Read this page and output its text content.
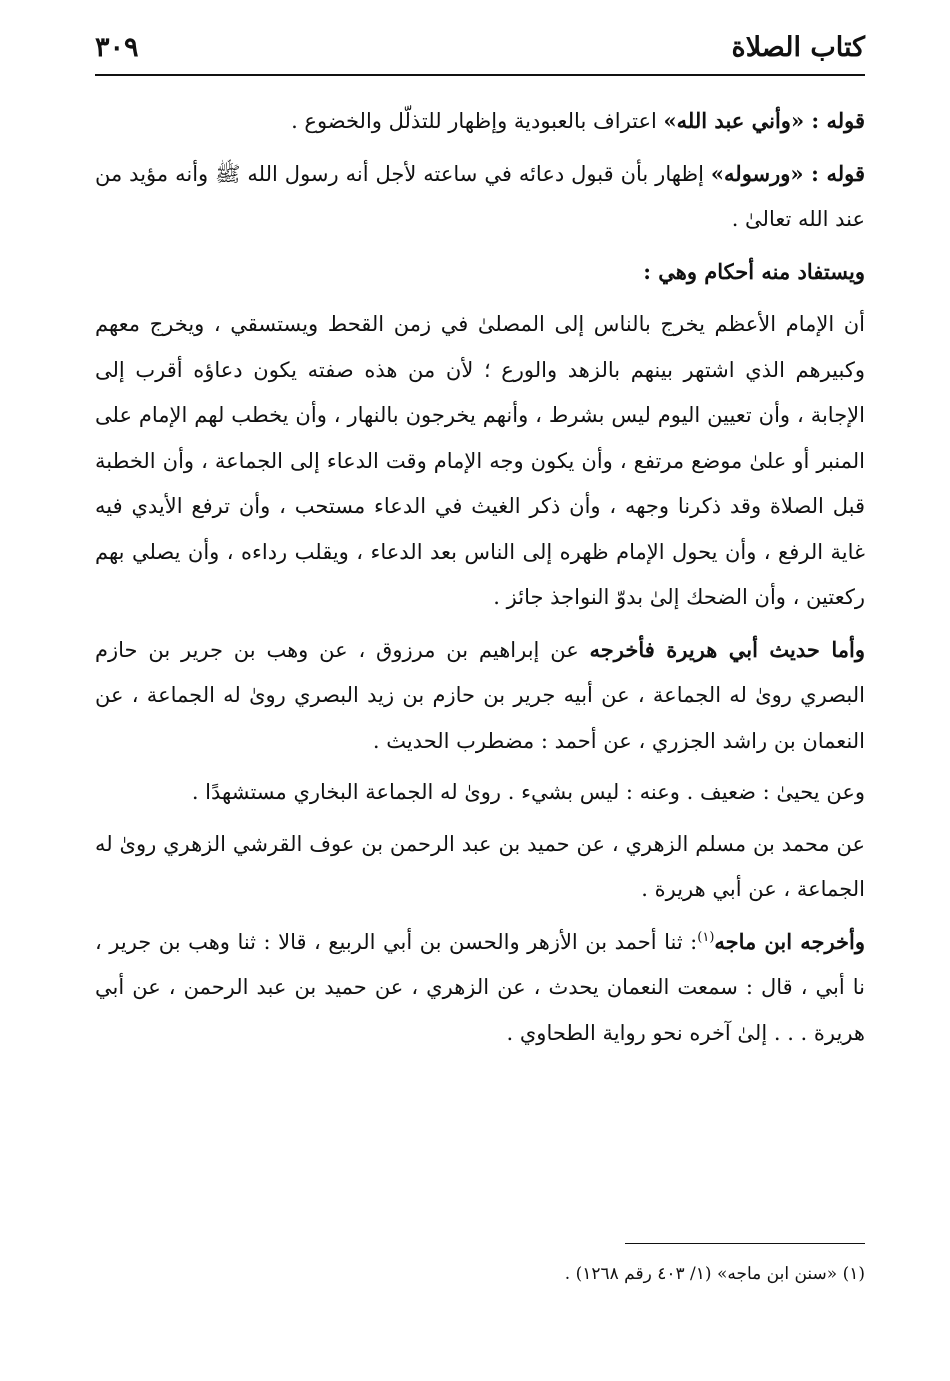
كتاب الصلاة
٣٠٩

قوله : «وأني عبد الله» اعتراف بالعبودية وإظهار للتذلّل والخضوع .

قوله : «ورسوله» إظهار بأن قبول دعائه في ساعته لأجل أنه رسول الله ﷺ وأنه مؤيد من عند الله تعالىٰ .

ويستفاد منه أحكام وهي :

أن الإمام الأعظم يخرج بالناس إلى المصلىٰ في زمن القحط ويستسقي ، ويخرج معهم وكبيرهم الذي اشتهر بينهم بالزهد والورع ؛ لأن من هذه صفته يكون دعاؤه أقرب إلى الإجابة ، وأن تعيين اليوم ليس بشرط ، وأنهم يخرجون بالنهار ، وأن يخطب لهم الإمام على المنبر أو علىٰ موضع مرتفع ، وأن يكون وجه الإمام وقت الدعاء إلى الجماعة ، وأن الخطبة قبل الصلاة وقد ذكرنا وجهه ، وأن ذكر الغيث في الدعاء مستحب ، وأن ترفع الأيدي فيه غاية الرفع ، وأن يحول الإمام ظهره إلى الناس بعد الدعاء ، ويقلب رداءه ، وأن يصلي بهم ركعتين ، وأن الضحك إلىٰ بدوّ النواجذ جائز .

وأما حديث أبي هريرة فأخرجه عن إبراهيم بن مرزوق ، عن وهب بن جرير بن حازم البصري روىٰ له الجماعة ، عن أبيه جرير بن حازم بن زيد البصري روىٰ له الجماعة ، عن النعمان بن راشد الجزري ، عن أحمد : مضطرب الحديث .

وعن يحيىٰ : ضعيف . وعنه : ليس بشيء . روىٰ له الجماعة البخاري مستشهدًا .

عن محمد بن مسلم الزهري ، عن حميد بن عبد الرحمن بن عوف القرشي الزهري روىٰ له الجماعة ، عن أبي هريرة .

وأخرجه ابن ماجه$^{(١)}$: ثنا أحمد بن الأزهر والحسن بن أبي الربيع ، قالا : ثنا وهب بن جرير ، نا أبي ، قال : سمعت النعمان يحدث ، عن الزهري ، عن حميد بن عبد الرحمن ، عن أبي هريرة . . . إلىٰ آخره نحو رواية الطحاوي .

(١) «سنن ابن ماجه» (١/ ٤٠٣ رقم ١٢٦٨) .
